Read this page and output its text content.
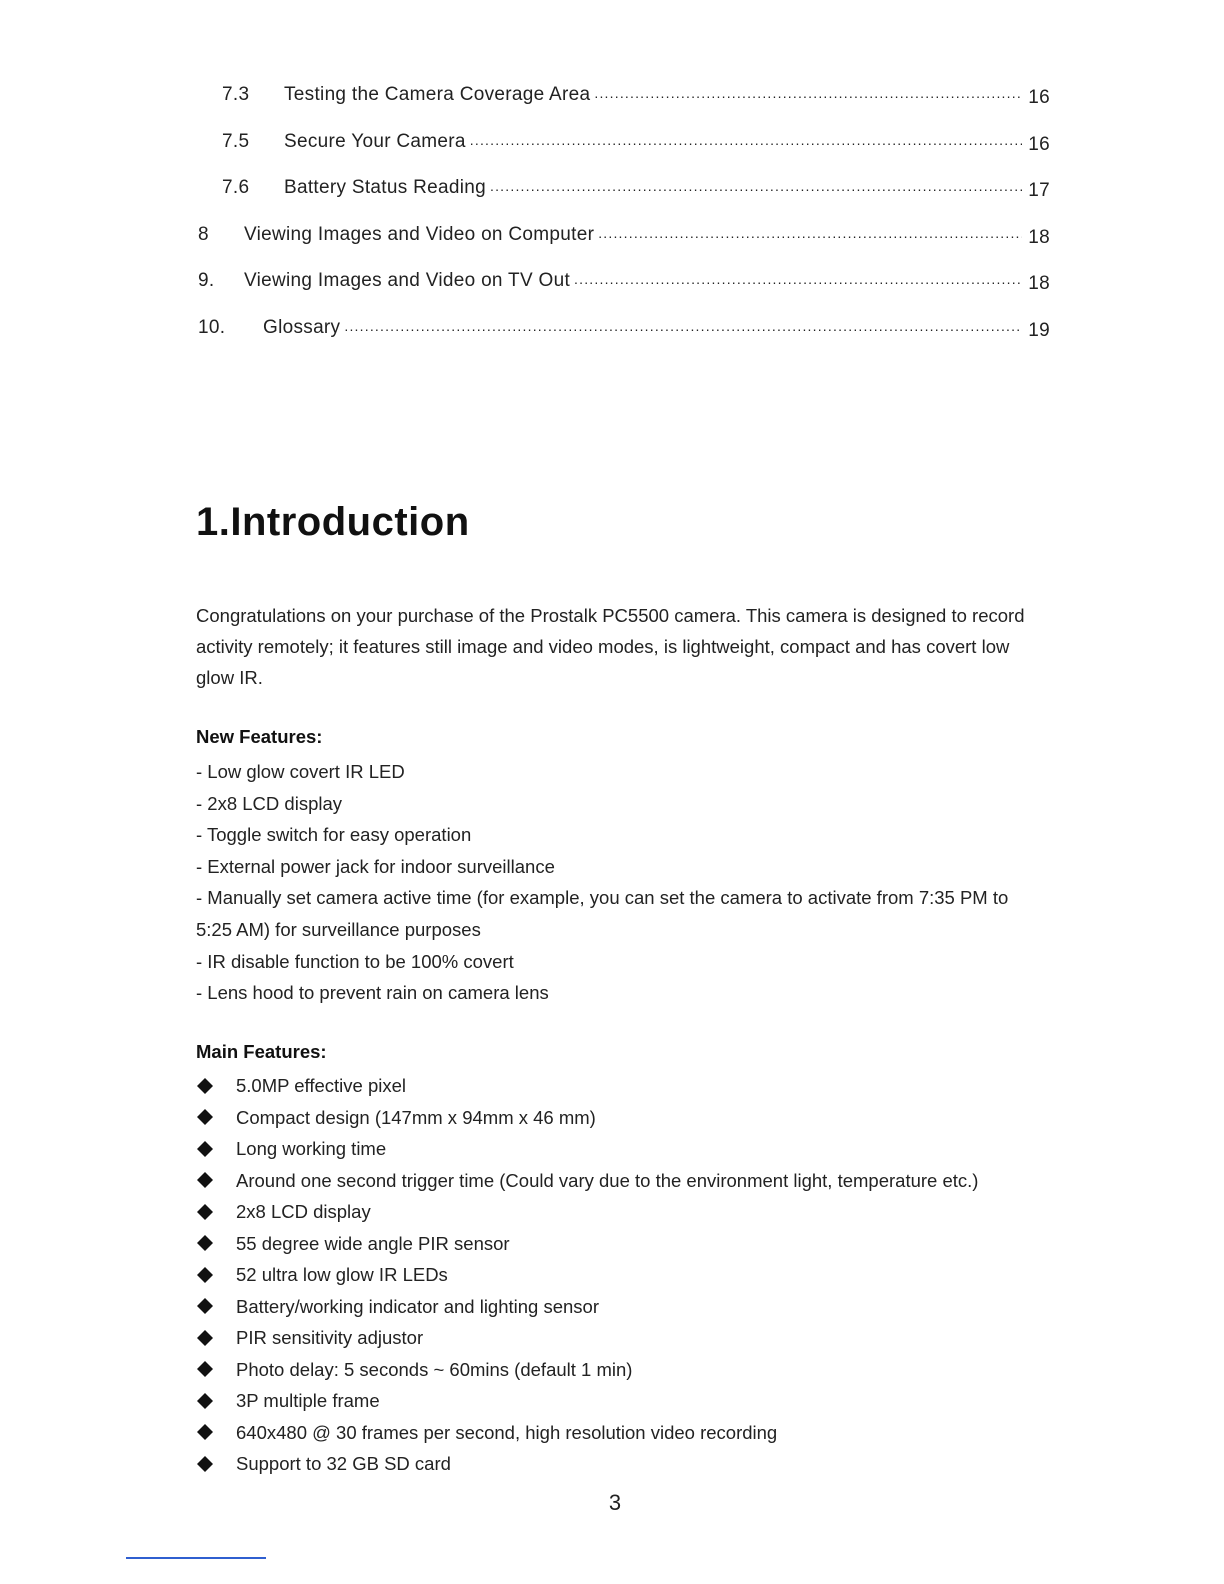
7.3	Testing the Camera Coverage Area .....	16
7.5	Secure Your Camera .....	16
7.6	Battery Status Reading .....	17
8	Viewing Images and Video on Computer .....	18
9.	Viewing Images and Video on TV Out .....	18
10.	Glossary .....	19
1.Introduction

Congratulations on your purchase of the Prostalk PC5500 camera. This camera is designed to record activity remotely; it features still image and video modes, is lightweight, compact and has covert low glow IR.

New Features:
- Low glow covert IR LED
- 2x8 LCD display
- Toggle switch for easy operation
- External power jack for indoor surveillance
- Manually set camera active time (for example, you can set the camera to activate from 7:35 PM to 5:25 AM) for surveillance purposes
- IR disable function to be 100% covert
- Lens hood to prevent rain on camera lens
Main Features:
5.0MP effective pixel
Compact design (147mm x 94mm x 46 mm)
Long working time
Around one second trigger time (Could vary due to the environment light, temperature etc.)
2x8 LCD display
55 degree wide angle PIR sensor
52 ultra low glow IR LEDs
Battery/working indicator and lighting sensor
PIR sensitivity adjustor
Photo delay: 5 seconds ~ 60mins (default 1 min)
3P multiple frame
640x480 @ 30 frames per second, high resolution video recording
Support to 32 GB SD card
3
